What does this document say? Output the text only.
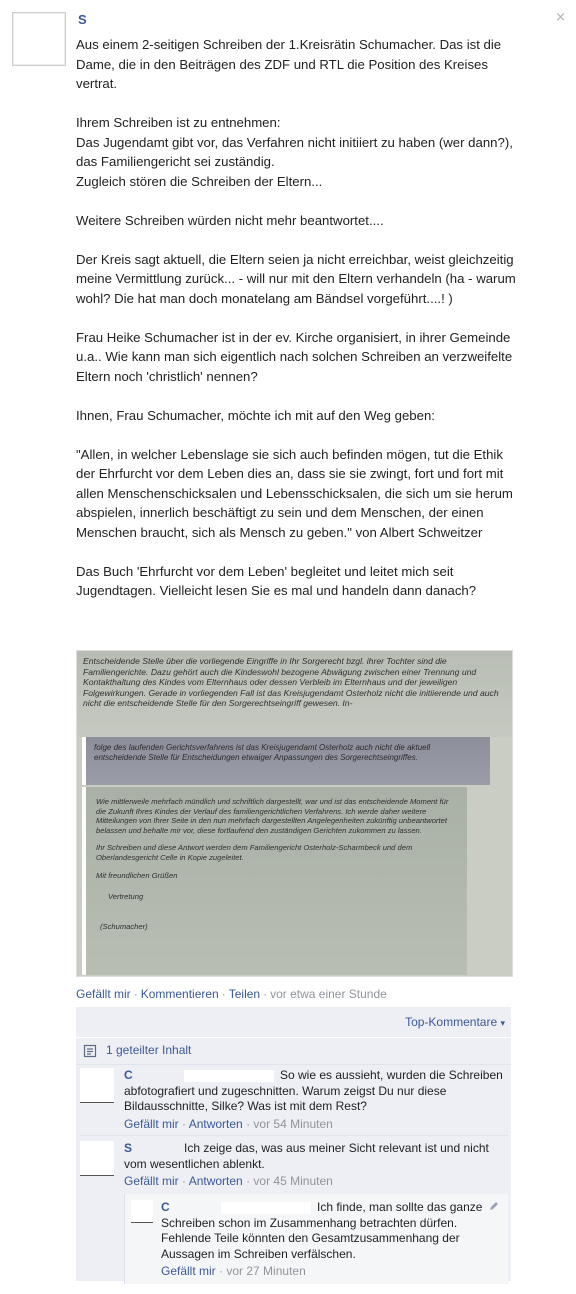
S	×

Aus einem 2-seitigen Schreiben der 1.Kreisrätin Schumacher. Das ist die Dame, die in den Beiträgen des ZDF und RTL die Position des Kreises vertrat.

Ihrem Schreiben ist zu entnehmen:
Das Jugendamt gibt vor, das Verfahren nicht initiiert zu haben (wer dann?), das Familiengericht sei zuständig.
Zugleich stören die Schreiben der Eltern...

Weitere Schreiben würden nicht mehr beantwortet....

Der Kreis sagt aktuell, die Eltern seien ja nicht erreichbar, weist gleichzeitig meine Vermittlung zurück... - will nur mit den Eltern verhandeln (ha - warum wohl? Die hat man doch monatelang am Bändsel vorgeführt....! )

Frau Heike Schumacher ist in der ev. Kirche organisiert, in ihrer Gemeinde u.a.. Wie kann man sich eigentlich nach solchen Schreiben an verzweifelte Eltern noch 'christlich' nennen?

Ihnen, Frau Schumacher, möchte ich mit auf den Weg geben:

"Allen, in welcher Lebenslage sie sich auch befinden mögen, tut die Ethik der Ehrfurcht vor dem Leben dies an, dass sie sie zwingt, fort und fort mit allen Menschenschicksalen und Lebensschicksalen, die sich um sie herum abspielen, innerlich beschäftigt zu sein und dem Menschen, der einen Menschen braucht, sich als Mensch zu geben." von Albert Schweitzer

Das Buch 'Ehrfurcht vor dem Leben' begleitet und leitet mich seit Jugendtagen. Vielleicht lesen Sie es mal und handeln dann danach?

Entscheidende Stelle über die vorliegende Eingriffe in Ihr Sorgerecht bzgl. ihrer Tochter sind die Familiengerichte. Dazu gehört auch die Kindeswohl bezogene Abwägung zwischen einer Trennung und Kontakthaltung des Kindes vom Elternhaus oder dessen Verbleib im Elternhaus und der jeweiligen Folgewirkungen. Gerade in vorliegenden Fall ist das Kreisjugendamt Osterholz nicht die initiierende und auch nicht die entscheidende Stelle für den Sorgerechtseingriff gewesen. In-
folge des laufenden Gerichtsverfahrens ist das Kreisjugendamt Osterholz auch nicht die aktuell entscheidende Stelle für Entscheidungen etwaiger Anpassungen des Sorgerechtseingriffes.
Wie mittlerweile mehrfach mündlich und schriftlich dargestellt, war und ist das entscheidende Moment für die Zukunft Ihres Kindes der Verlauf des familiengerichtlichen Verfahrens. Ich werde daher weitere Mitteilungen von Ihrer Seite in den nun mehrfach dargestellten Angelegenheiten zukünftig unbeantwortet belassen und behalte mir vor, diese fortlaufend den zuständigen Gerichten zukommen zu lassen.
Ihr Schreiben und diese Antwort werden dem Familiengericht Osterholz-Scharmbeck und dem Oberlandesgericht Celle in Kopie zugeleitet.
Mit freundlichen Grüßen
Vertretung
(Schumacher)
Gefällt mir · Kommentieren · Teilen · vor etwa einer Stunde
Top-Kommentare ▾
1 geteilter Inhalt
C	So wie es aussieht, wurden die Schreiben abfotografiert und zugeschnitten. Warum zeigst Du nur diese Bildausschnitte, Silke? Was ist mit dem Rest?
Gefällt mir · Antworten · vor 54 Minuten
S	Ich zeige das, was aus meiner Sicht relevant ist und nicht vom wesentlichen ablenkt.
Gefällt mir · Antworten · vor 45 Minuten
C	Ich finde, man sollte das ganze Schreiben schon im Zusammenhang betrachten dürfen. Fehlende Teile könnten den Gesamtzusammenhang der Aussagen im Schreiben verfälschen.
Gefällt mir · vor 27 Minuten
